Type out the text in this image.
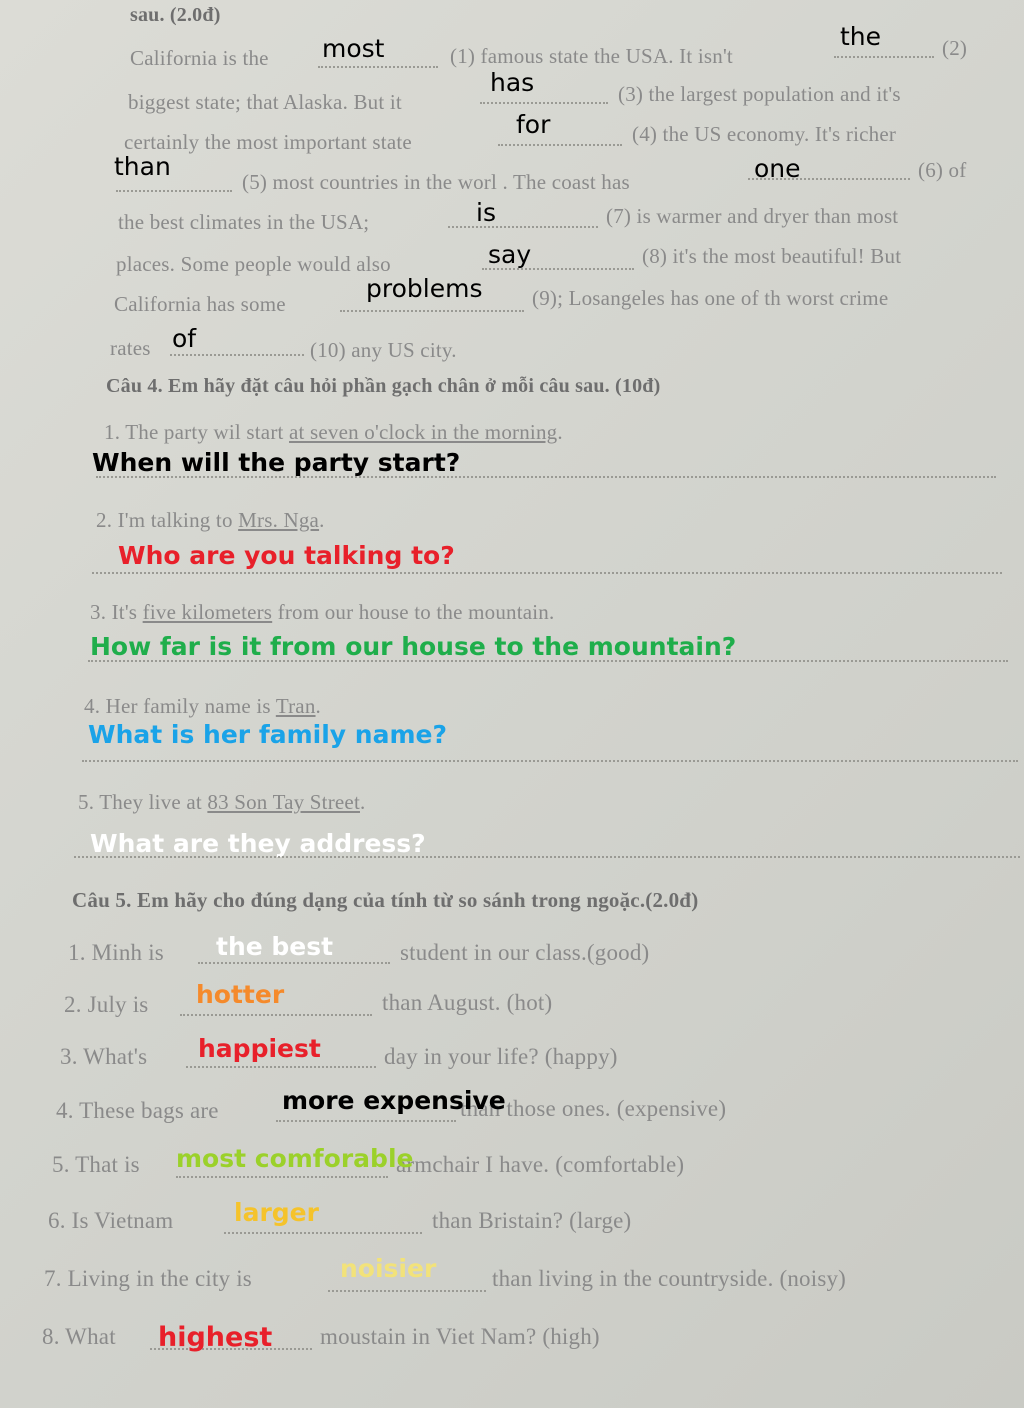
sau. (2.0đ)
California is the most	(1) famous state the USA. It isn't
the	(2)
biggest state; that Alaska. But it
has	(3) the largest population and it's
certainly the most important state
for	(4) the US economy. It's richer
than
(5) most countries in the worl . The coast has	one	(6) of
the best climates in the USA;	is	(7) is warmer and dryer than most
places. Some people would also	say	(8) it's the most beautiful! But
California has some
problems (9); Losangeles has one of th worst crime
rates of	(10) any US city.
Câu 4. Em hãy đặt câu hỏi phần gạch chân ở mỗi câu sau. (10đ)
1. The party wil start at seven o'clock in the morning.
When will the party start?
2. I'm talking to Mrs. Nga.
Who are you talking to?
3. It's five kilometers from our house to the mountain.
How far is it from our house to the mountain?
4. Her family name is Tran.
What is her family name?
5. They live at 83 Son Tay Street.
What are they address?
Câu 5. Em hãy cho đúng dạng của tính từ so sánh trong ngoặc.(2.0đ)
1. Minh is the best	student in our class.(good)
2. July is hotter	than August. (hot)
3. What's happiest	day in your life? (happy)
4. These bags are	than those ones. (expensive)
more expensive
5. That is	armchair I have. (comfortable)
most comforable
6. Is Vietnam larger	than Bristain? (large)
7. Living in the city is	noisier than living in the countryside. (noisy)
8. What highest moustain in Viet Nam? (high)
